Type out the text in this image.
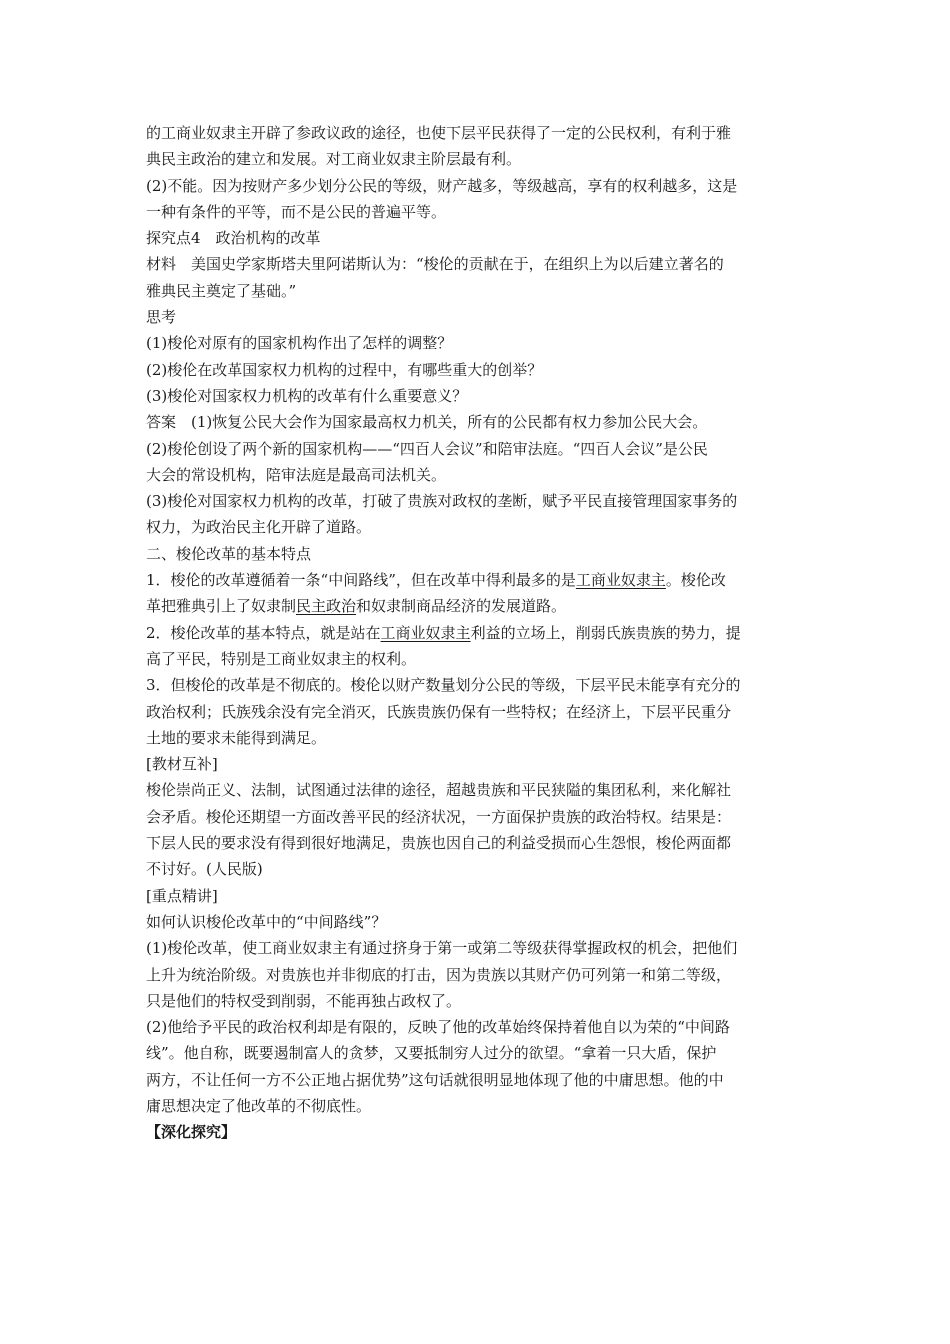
的工商业奴隶主开辟了参政议政的途径，也使下层平民获得了一定的公民权利，有利于雅
典民主政治的建立和发展。对工商业奴隶主阶层最有利。
(2)不能。因为按财产多少划分公民的等级，财产越多，等级越高，享有的权利越多，这是
一种有条件的平等，而不是公民的普遍平等。
探究点4 政治机构的改革
材料 美国史学家斯塔夫里阿诺斯认为：“梭伦的贡献在于，在组织上为以后建立著名的
雅典民主奠定了基础。”
思考
(1)梭伦对原有的国家机构作出了怎样的调整？
(2)梭伦在改革国家权力机构的过程中，有哪些重大的创举？
(3)梭伦对国家权力机构的改革有什么重要意义？
答案 (1)恢复公民大会作为国家最高权力机关，所有的公民都有权力参加公民大会。
(2)梭伦创设了两个新的国家机构——“四百人会议”和陪审法庭。“四百人会议”是公民
大会的常设机构，陪审法庭是最高司法机关。
(3)梭伦对国家权力机构的改革，打破了贵族对政权的垄断，赋予平民直接管理国家事务的
权力，为政治民主化开辟了道路。
二、梭伦改革的基本特点
1．梭伦的改革遵循着一条“中间路线”，但在改革中得利最多的是工商业奴隶主。梭伦改
革把雅典引上了奴隶制民主政治和奴隶制商品经济的发展道路。
2．梭伦改革的基本特点，就是站在工商业奴隶主利益的立场上，削弱氏族贵族的势力，提
高了平民，特别是工商业奴隶主的权利。
3．但梭伦的改革是不彻底的。梭伦以财产数量划分公民的等级，下层平民未能享有充分的
政治权利；氏族残余没有完全消灭，氏族贵族仍保有一些特权；在经济上，下层平民重分
土地的要求未能得到满足。
[教材互补]
梭伦崇尚正义、法制，试图通过法律的途径，超越贵族和平民狭隘的集团私利，来化解社
会矛盾。梭伦还期望一方面改善平民的经济状况，一方面保护贵族的政治特权。结果是：
下层人民的要求没有得到很好地满足，贵族也因自己的利益受损而心生怨恨，梭伦两面都
不讨好。(人民版)
[重点精讲]
如何认识梭伦改革中的“中间路线”？
(1)梭伦改革，使工商业奴隶主有通过挤身于第一或第二等级获得掌握政权的机会，把他们
上升为统治阶级。对贵族也并非彻底的打击，因为贵族以其财产仍可列第一和第二等级，
只是他们的特权受到削弱，不能再独占政权了。
(2)他给予平民的政治权利却是有限的，反映了他的改革始终保持着他自以为荣的“中间路
线”。他自称，既要遏制富人的贪梦，又要抵制穷人过分的欲望。“拿着一只大盾，保护
两方，不让任何一方不公正地占据优势”这句话就很明显地体现了他的中庸思想。他的中
庸思想决定了他改革的不彻底性。
【深化探究】
